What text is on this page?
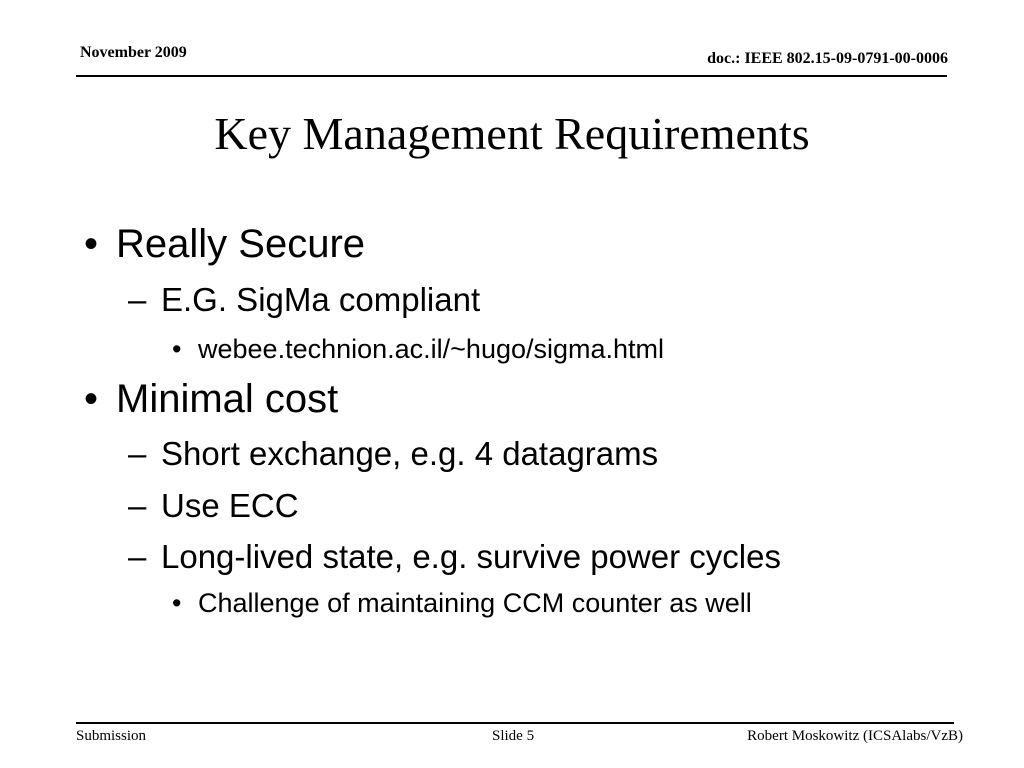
November 2009	doc.: IEEE 802.15-09-0791-00-0006
Key Management Requirements
• Really Secure
– E.G. SigMa compliant
• webee.technion.ac.il/~hugo/sigma.html
• Minimal cost
– Short exchange, e.g. 4 datagrams
– Use ECC
– Long-lived state, e.g. survive power cycles
• Challenge of maintaining CCM counter as well
Submission	Slide 5	Robert Moskowitz (ICSAlabs/VzB)
